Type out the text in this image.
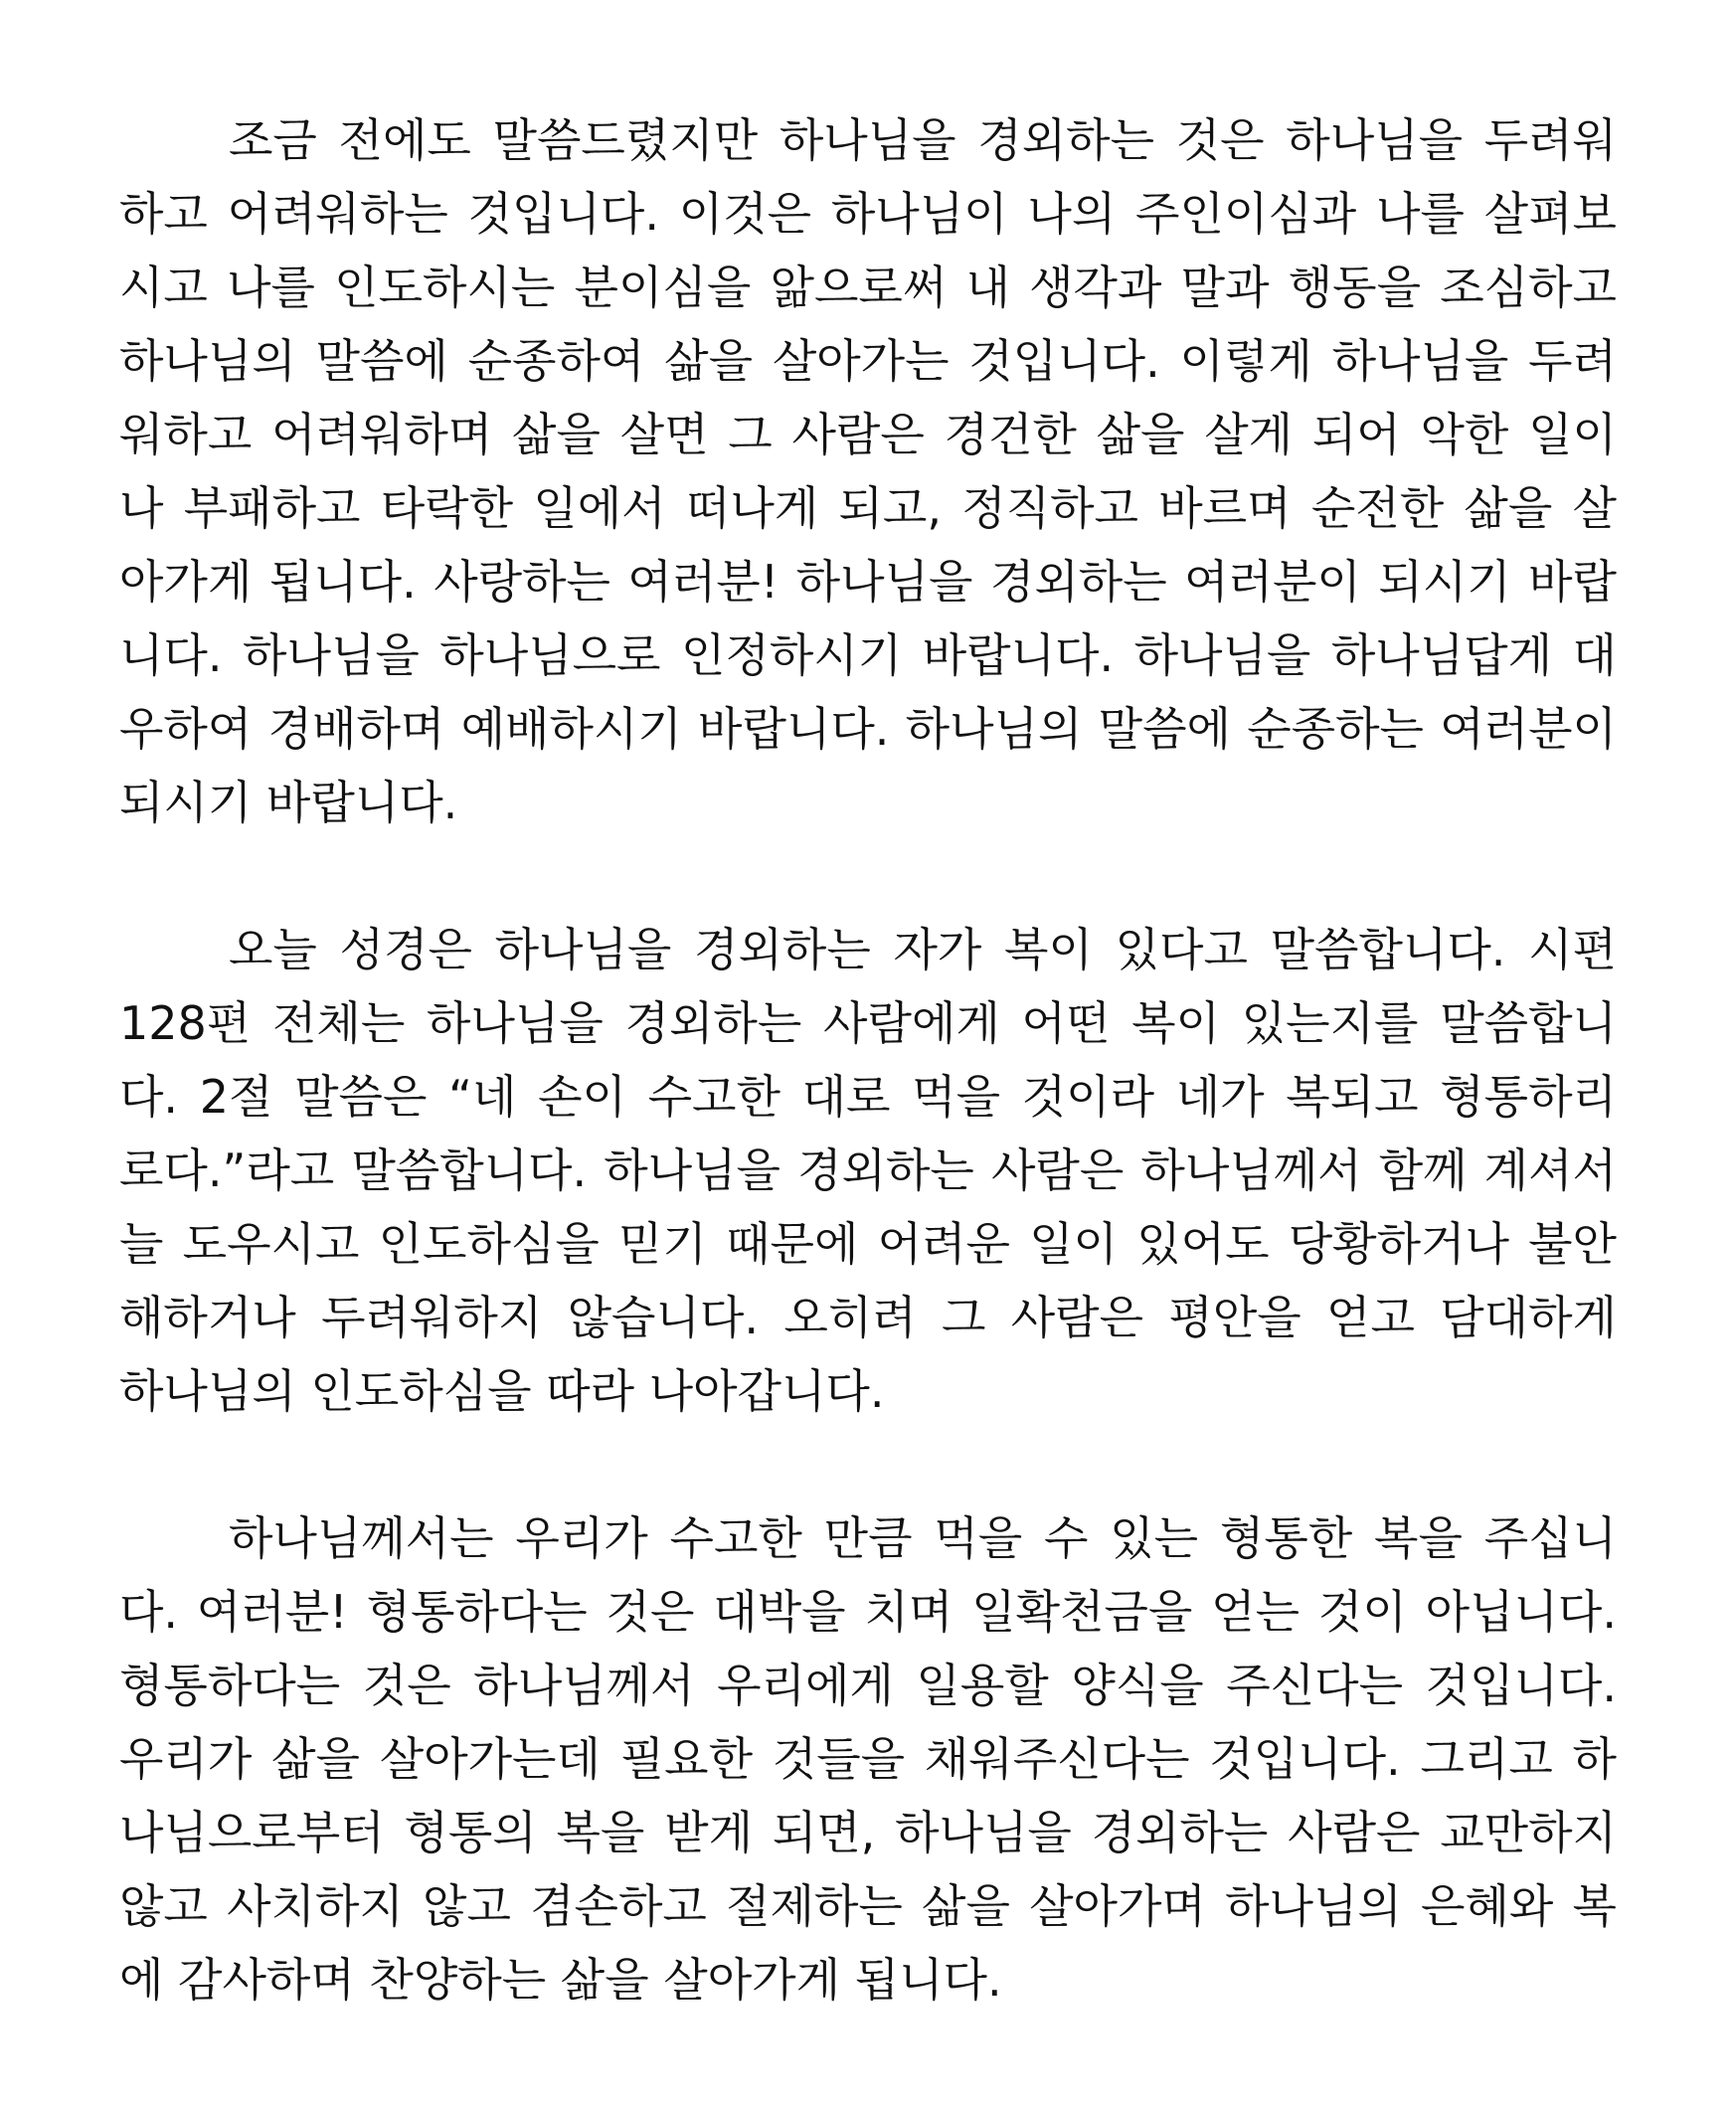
조금 전에도 말씀드렸지만 하나님을 경외하는 것은 하나님을 두려워
하고 어려워하는 것입니다. 이것은 하나님이 나의 주인이심과 나를 살펴보
시고 나를 인도하시는 분이심을 앎으로써 내 생각과 말과 행동을 조심하고
하나님의 말씀에 순종하여 삶을 살아가는 것입니다. 이렇게 하나님을 두려
워하고 어려워하며 삶을 살면 그 사람은 경건한 삶을 살게 되어 악한 일이
나 부패하고 타락한 일에서 떠나게 되고, 정직하고 바르며 순전한 삶을 살
아가게 됩니다. 사랑하는 여러분! 하나님을 경외하는 여러분이 되시기 바랍
니다. 하나님을 하나님으로 인정하시기 바랍니다. 하나님을 하나님답게 대
우하여 경배하며 예배하시기 바랍니다. 하나님의 말씀에 순종하는 여러분이
되시기 바랍니다.
오늘 성경은 하나님을 경외하는 자가 복이 있다고 말씀합니다. 시편
128편 전체는 하나님을 경외하는 사람에게 어떤 복이 있는지를 말씀합니
다. 2절 말씀은 “네 손이 수고한 대로 먹을 것이라 네가 복되고 형통하리
로다.”라고 말씀합니다. 하나님을 경외하는 사람은 하나님께서 함께 계셔서
늘 도우시고 인도하심을 믿기 때문에 어려운 일이 있어도 당황하거나 불안
해하거나 두려워하지 않습니다. 오히려 그 사람은 평안을 얻고 담대하게
하나님의 인도하심을 따라 나아갑니다.
하나님께서는 우리가 수고한 만큼 먹을 수 있는 형통한 복을 주십니
다. 여러분! 형통하다는 것은 대박을 치며 일확천금을 얻는 것이 아닙니다.
형통하다는 것은 하나님께서 우리에게 일용할 양식을 주신다는 것입니다.
우리가 삶을 살아가는데 필요한 것들을 채워주신다는 것입니다. 그리고 하
나님으로부터 형통의 복을 받게 되면, 하나님을 경외하는 사람은 교만하지
않고 사치하지 않고 겸손하고 절제하는 삶을 살아가며 하나님의 은혜와 복
에 감사하며 찬양하는 삶을 살아가게 됩니다.
